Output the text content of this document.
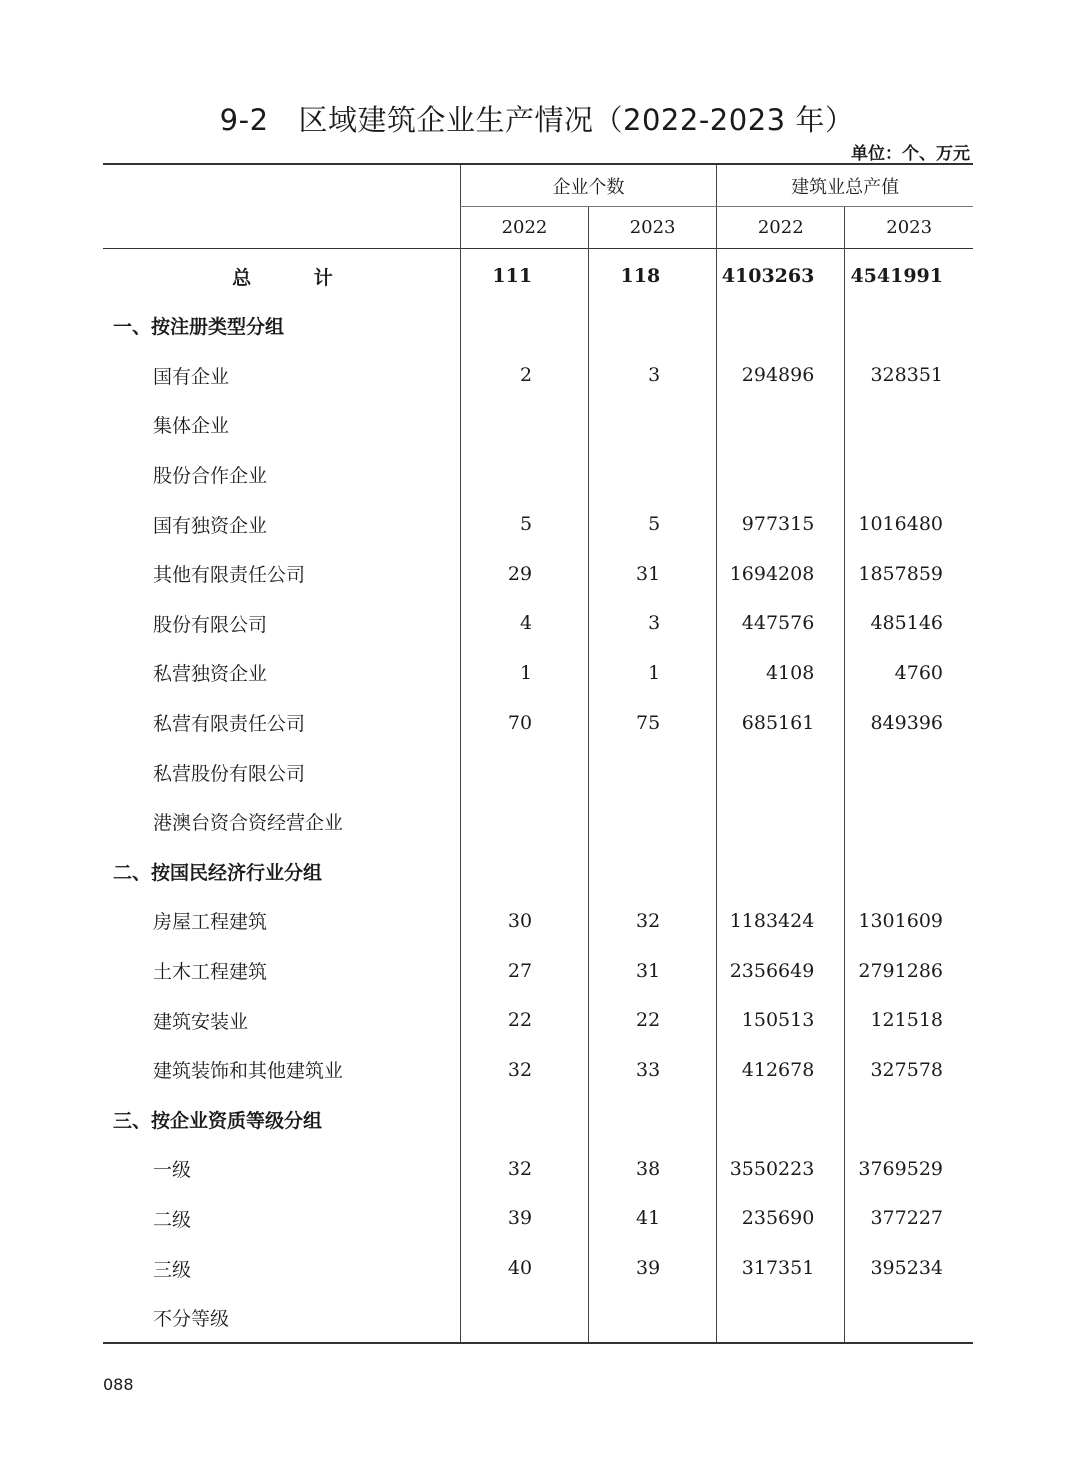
9-2 区域建筑企业生产情况（2022-2023 年）
单位：个、万元
	企业个数		建筑业总产值	
	2022	2023	2022	2023
总 计	111	118	4103263	4541991
一、按注册类型分组				
国有企业	2	3	294896	328351
集体企业				
股份合作企业				
国有独资企业	5	5	977315	1016480
其他有限责任公司	29	31	1694208	1857859
股份有限公司	4	3	447576	485146
私营独资企业	1	1	4108	4760
私营有限责任公司	70	75	685161	849396
私营股份有限公司				
港澳台资合资经营企业				
二、按国民经济行业分组				
房屋工程建筑	30	32	1183424	1301609
土木工程建筑	27	31	2356649	2791286
建筑安装业	22	22	150513	121518
建筑装饰和其他建筑业	32	33	412678	327578
三、按企业资质等级分组				
一级	32	38	3550223	3769529
二级	39	41	235690	377227
三级	40	39	317351	395234
不分等级				
088
